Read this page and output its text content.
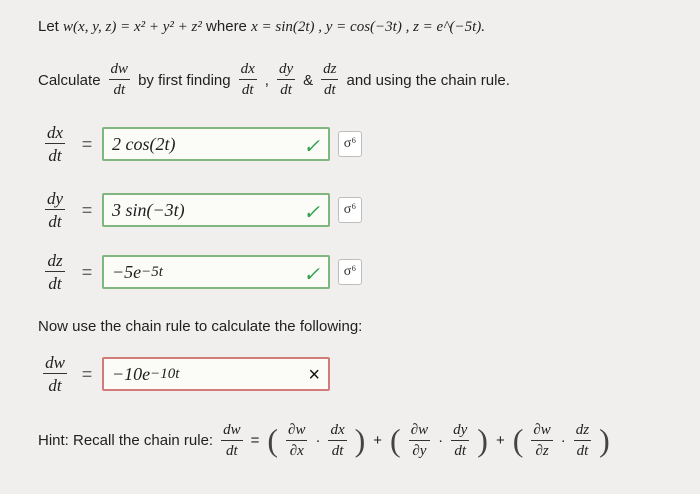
Let w(x, y, z) = x² + y² + z² where x = sin(2t) , y = cos(−3t) , z = e^(−5t).
Calculate $\frac{dw}{dt}$ by first finding $\frac{dx}{dt}$ , $\frac{dy}{dt}$ & $\frac{dz}{dt}$ and using the chain rule.
$\frac{dx}{dt}$ =	2 cos(2t)	✓	σ⁶
$\frac{dy}{dt}$ =	3 sin(−3t)	✓	σ⁶
$\frac{dz}{dt}$ =	−5e −5t	✓	σ⁶
Now use the chain rule to calculate the following:
$\frac{dw}{dt}$ =	−10e −10t	×
Hint: Recall the chain rule: $\frac{dw}{dt}$ = ( $\frac{\partial w}{\partial x} \cdot \frac{dx}{dt}$ ) + ( $\frac{\partial w}{\partial y} \cdot \frac{dy}{dt}$ ) + ( $\frac{\partial w}{\partial z} \cdot \frac{dz}{dt}$ )
